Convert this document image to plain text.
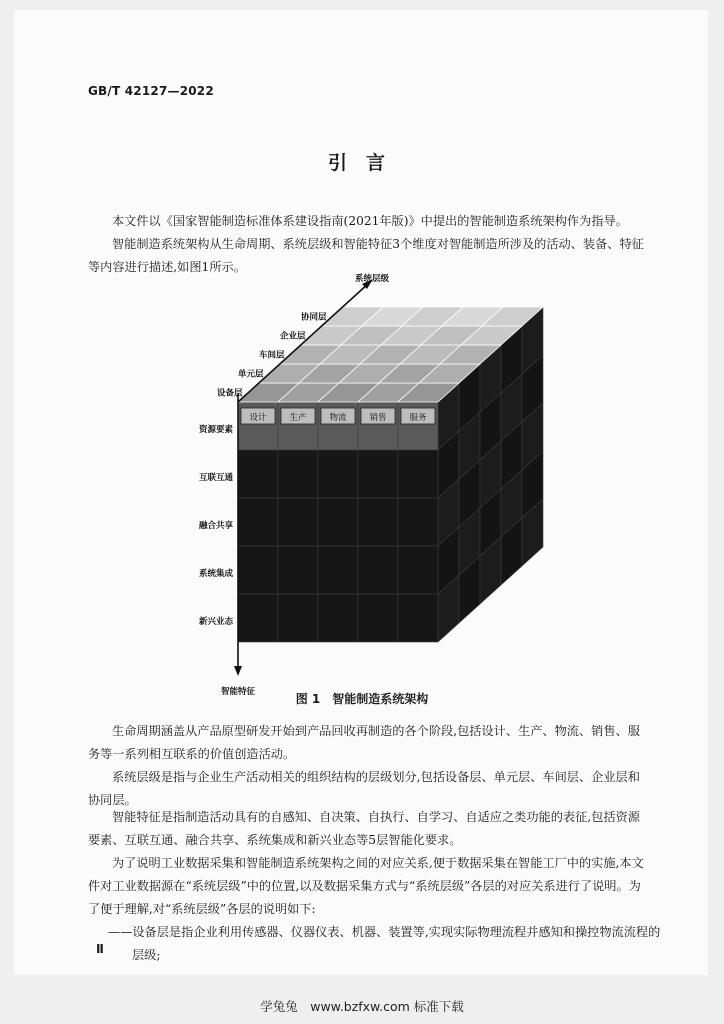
GB/T 42127—2022
引　言

本文件以《国家智能制造标准体系建设指南(2021年版)》中提出的智能制造系统架构作为指导。

智能制造系统架构从生命周期、系统层级和智能特征3个维度对智能制造所涉及的活动、装备、特征等内容进行描述,如图1所示。

设计	生产	物流	销售	服务
智能特征
资源要素
互联互通
融合共享
系统集成
新兴业态
系统层级
设备层
单元层
车间层
企业层
协同层
图 1 智能制造系统架构

生命周期涵盖从产品原型研发开始到产品回收再制造的各个阶段,包括设计、生产、物流、销售、服务等一系列相互联系的价值创造活动。

系统层级是指与企业生产活动相关的组织结构的层级划分,包括设备层、单元层、车间层、企业层和协同层。

智能特征是指制造活动具有的自感知、自决策、自执行、自学习、自适应之类功能的表征,包括资源要素、互联互通、融合共享、系统集成和新兴业态等5层智能化要求。

为了说明工业数据采集和智能制造系统架构之间的对应关系,便于数据采集在智能工厂中的实施,本文件对工业数据源在“系统层级”中的位置,以及数据采集方式与“系统层级”各层的对应关系进行了说明。为了便于理解,对“系统层级”各层的说明如下:

——设备层是指企业利用传感器、仪器仪表、机器、装置等,实现实际物理流程并感知和操控物流流程的层级;

Ⅱ
学兔兔　www.bzfxw.com 标准下载
